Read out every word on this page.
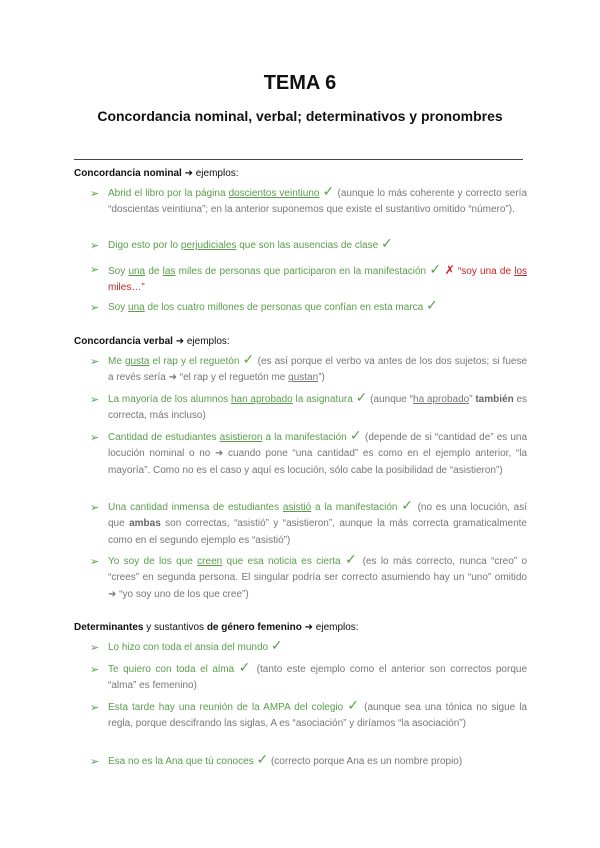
TEMA 6
Concordancia nominal, verbal; determinativos y pronombres
Concordancia nominal ➜ ejemplos:
➢ Abrid el libro por la página doscientos veintiuno ✓ (aunque lo más coherente y correcto sería “doscientas veintiuna”; en la anterior suponemos que existe el sustantivo omitido “número”).
➢ Digo esto por lo perjudiciales que son las ausencias de clase ✓
➢ Soy una de las miles de personas que participaron en la manifestación ✓ ✗ “soy una de los miles…”
➢ Soy una de los cuatro millones de personas que confían en esta marca ✓
Concordancia verbal ➜ ejemplos:
➢ Me gusta el rap y el reguetón ✓ (es así porque el verbo va antes de los dos sujetos; si fuese a revés sería ➜ “el rap y el reguetón me gustan”)
➢ La mayoría de los alumnos han aprobado la asignatura ✓ (aunque “ha aprobado” también es correcta, más incluso)
➢ Cantidad de estudiantes asistieron a la manifestación ✓ (depende de si “cantidad de” es una locución nominal o no ➜ cuando pone “una cantidad” es como en el ejemplo anterior, “la mayoría”. Como no es el caso y aquí es locución, sólo cabe la posibilidad de “asistieron”)
➢ Una cantidad inmensa de estudiantes asistió a la manifestación ✓ (no es una locución, así que ambas son correctas, “asistió” y “asistieron”, aunque la más correcta gramaticalmente como en el segundo ejemplo es “asistió”)
➢ Yo soy de los que creen que esa noticia es cierta ✓ (es lo más correcto, nunca “creo” o “crees” en segunda persona. El singular podría ser correcto asumiendo hay un “uno” omitido ➜ “yo soy uno de los que cree”)
Determinantes y sustantivos de género femenino ➜ ejemplos:
➢ Lo hizo con toda el ansia del mundo ✓
➢ Te quiero con toda el alma ✓ (tanto este ejemplo como el anterior son correctos porque “alma” es femenino)
➢ Esta tarde hay una reunión de la AMPA del colegio ✓ (aunque sea una tónica no sigue la regla, porque descifrando las siglas, A es “asociación” y diríamos “la asociación”)
➢ Esa no es la Ana que tú conoces ✓ (correcto porque Ana es un nombre propio)
